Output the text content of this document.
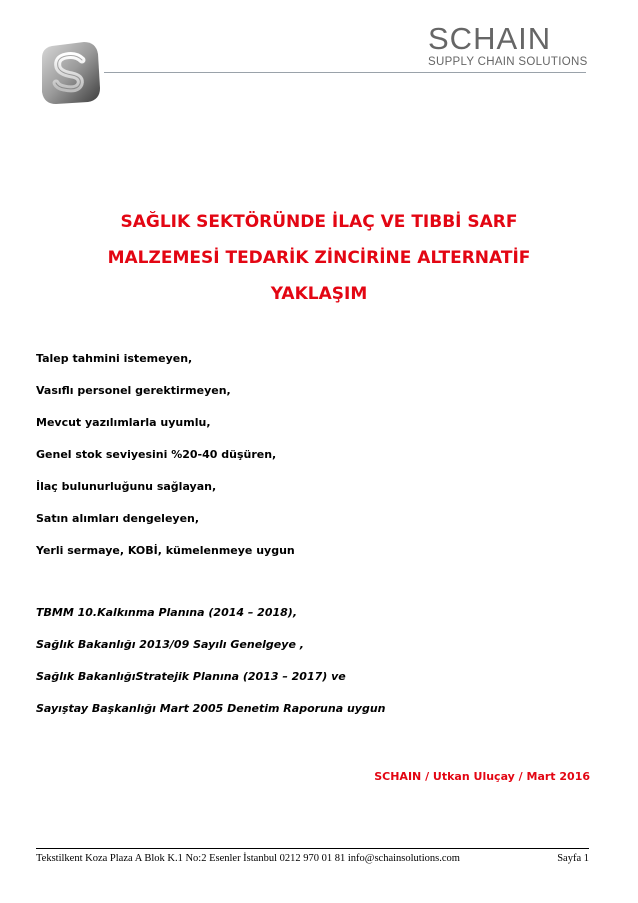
SCHAIN
SUPPLY CHAIN SOLUTIONS
SAĞLIK SEKTÖRÜNDE İLAÇ VE TIBBİ SARF
MALZEMESİ TEDARİK ZİNCİRİNE ALTERNATİF
YAKLAŞIM
Talep tahmini istemeyen,
Vasıflı personel gerektirmeyen,
Mevcut yazılımlarla uyumlu,
Genel stok seviyesini %20-40 düşüren,
İlaç bulunurluğunu sağlayan,
Satın alımları dengeleyen,
Yerli sermaye, KOBİ, kümelenmeye uygun
TBMM 10.Kalkınma Planına (2014 – 2018),
Sağlık Bakanlığı 2013/09 Sayılı Genelgeye ,
Sağlık BakanlığıStratejik Planına (2013 – 2017) ve
Sayıştay Başkanlığı Mart 2005 Denetim Raporuna uygun
SCHAIN / Utkan Uluçay / Mart 2016
Tekstilkent Koza Plaza A Blok K.1 No:2 Esenler İstanbul 0212 970 01 81 info@schainsolutions.com	Sayfa 1
